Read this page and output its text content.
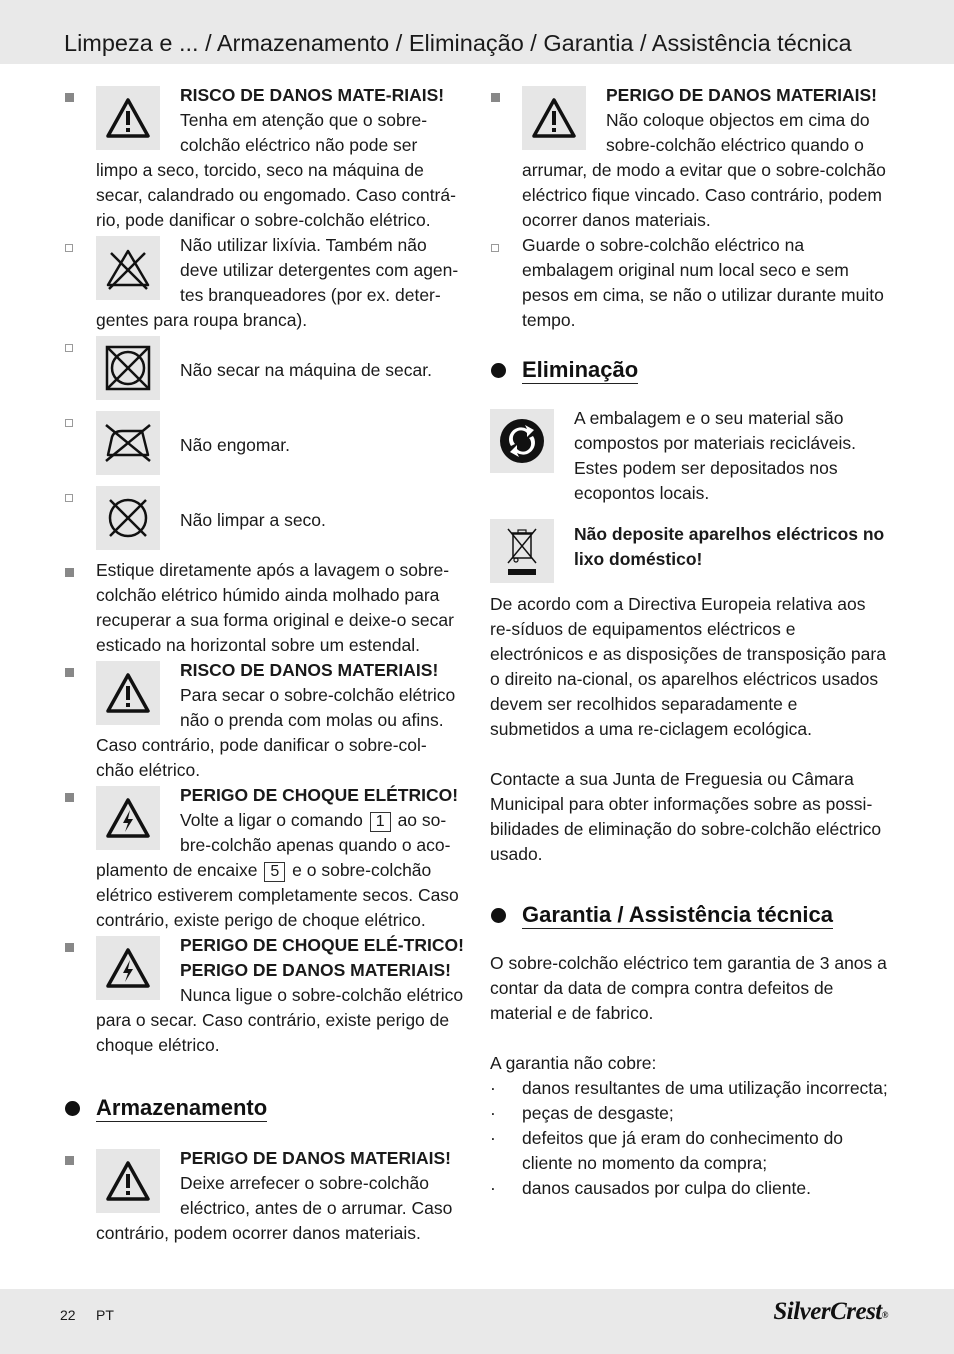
Limpeza e ... / Armazenamento / Eliminação / Garantia / Assistência técnica
RISCO DE DANOS MATE-RIAIS! Tenha em atenção que o sobre-colchão eléctrico não pode ser limpo a seco, torcido, seco na máquina de secar, calandrado ou engomado. Caso contrá-rio, pode danificar o sobre-colchão elétrico.
Não utilizar lixívia. Também não deve utilizar detergentes com agen-tes branqueadores (por ex. deter-gentes para roupa branca).
Não secar na máquina de secar.
Não engomar.
Não limpar a seco.
Estique diretamente após a lavagem o sobre-colchão elétrico húmido ainda molhado para recuperar a sua forma original e deixe-o secar esticado na horizontal sobre um estendal.
RISCO DE DANOS MATERIAIS!
Para secar o sobre-colchão elétrico não o prenda com molas ou afins. Caso contrário, pode danificar o sobre-col-chão elétrico.
PERIGO DE CHOQUE ELÉTRICO!
Volte a ligar o comando 1 ao so-bre-colchão apenas quando o aco-plamento de encaixe 5 e o sobre-colchão elétrico estiverem completamente secos. Caso contrário, existe perigo de choque elétrico.
PERIGO DE CHOQUE ELÉ-TRICO! PERIGO DE DANOS MATERIAIS! Nunca ligue o sobre-colchão elétrico para o secar. Caso contrário, existe perigo de choque elétrico.
Armazenamento
PERIGO DE DANOS MATERIAIS!
Deixe arrefecer o sobre-colchão eléctrico, antes de o arrumar. Caso contrário, podem ocorrer danos materiais.
PERIGO DE DANOS MATERIAIS!
Não coloque objectos em cima do sobre-colchão eléctrico quando o arrumar, de modo a evitar que o sobre-colchão eléctrico fique vincado. Caso contrário, podem ocorrer danos materiais.
Guarde o sobre-colchão eléctrico na embalagem original num local seco e sem pesos em cima, se não o utilizar durante muito tempo.
Eliminação
A embalagem e o seu material são compostos por materiais recicláveis. Estes podem ser depositados nos ecopontos locais.
Não deposite aparelhos eléctricos no lixo doméstico!
De acordo com a Directiva Europeia relativa aos re-síduos de equipamentos eléctricos e electrónicos e as disposições de transposição para o direito na-cional, os aparelhos eléctricos usados devem ser recolhidos separadamente e submetidos a uma re-ciclagem ecológica.
Contacte a sua Junta de Freguesia ou Câmara Municipal para obter informações sobre as possi-bilidades de eliminação do sobre-colchão eléctrico usado.
Garantia / Assistência técnica
O sobre-colchão eléctrico tem garantia de 3 anos a contar da data de compra contra defeitos de material e de fabrico.
A garantia não cobre:
· danos resultantes de uma utilização incorrecta;
· peças de desgaste;
· defeitos que já eram do conhecimento do cliente no momento da compra;
· danos causados por culpa do cliente.
22 PT	SilverCrest®
